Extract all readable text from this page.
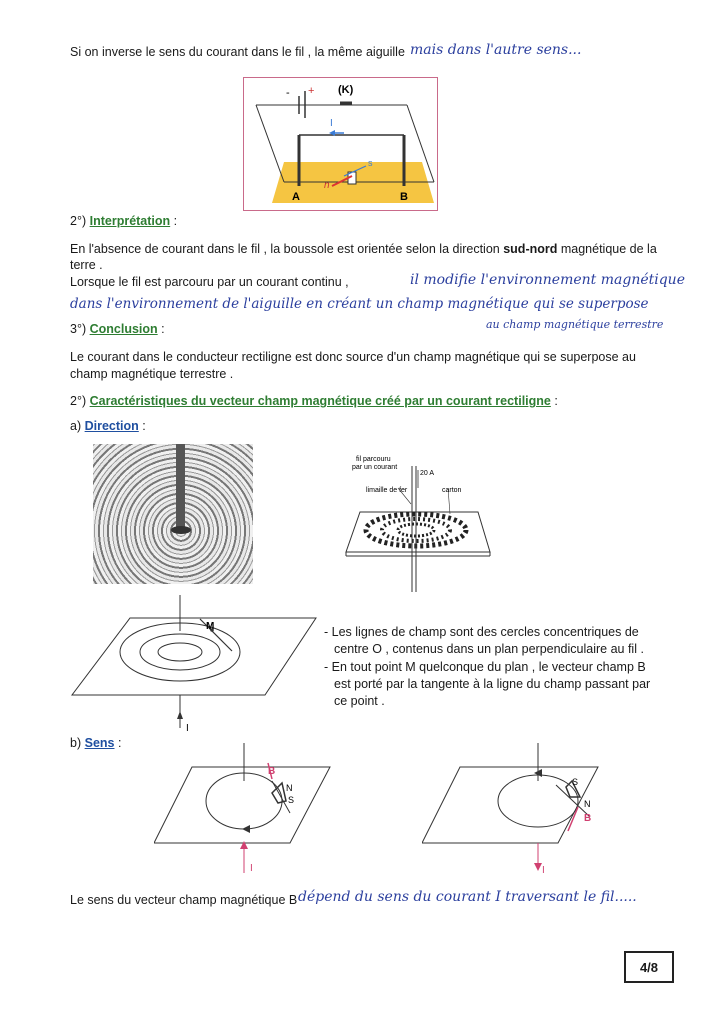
Si on inverse le sens du courant dans le fil , la même aiguille mais dans l'autre sens...
- + (K)
I
n
s
A	B
2°) Interprétation :
En l'absence de courant dans le fil , la boussole est orientée selon la direction sud-nord magnétique de la
terre .
Lorsque le fil est parcouru par un courant continu ,	il modifie l'environnement magnétique
dans l'environnement de l'aiguille en créant un champ magnétique qui se superpose
au champ magnétique terrestre
3°) Conclusion :
Le courant dans le conducteur rectiligne est donc source d'un champ magnétique qui se superpose au
champ magnétique terrestre .
2°) Caractéristiques du vecteur champ magnétique créé par un courant rectiligne :
a) Direction :
fil parcouru
par un courant
20 A
limaille de fer	carton
M
I
- Les lignes de champ sont des cercles concentriques de
centre O , contenus dans un plan perpendiculaire au fil .
- En tout point M quelconque du plan , le vecteur champ B
est porté par la tangente à la ligne du champ passant par
ce point .
b) Sens :
B
N
S
I
B
N
S
I
Le sens du vecteur champ magnétique B dépend du sens du courant I traversant le fil.....
4/8
